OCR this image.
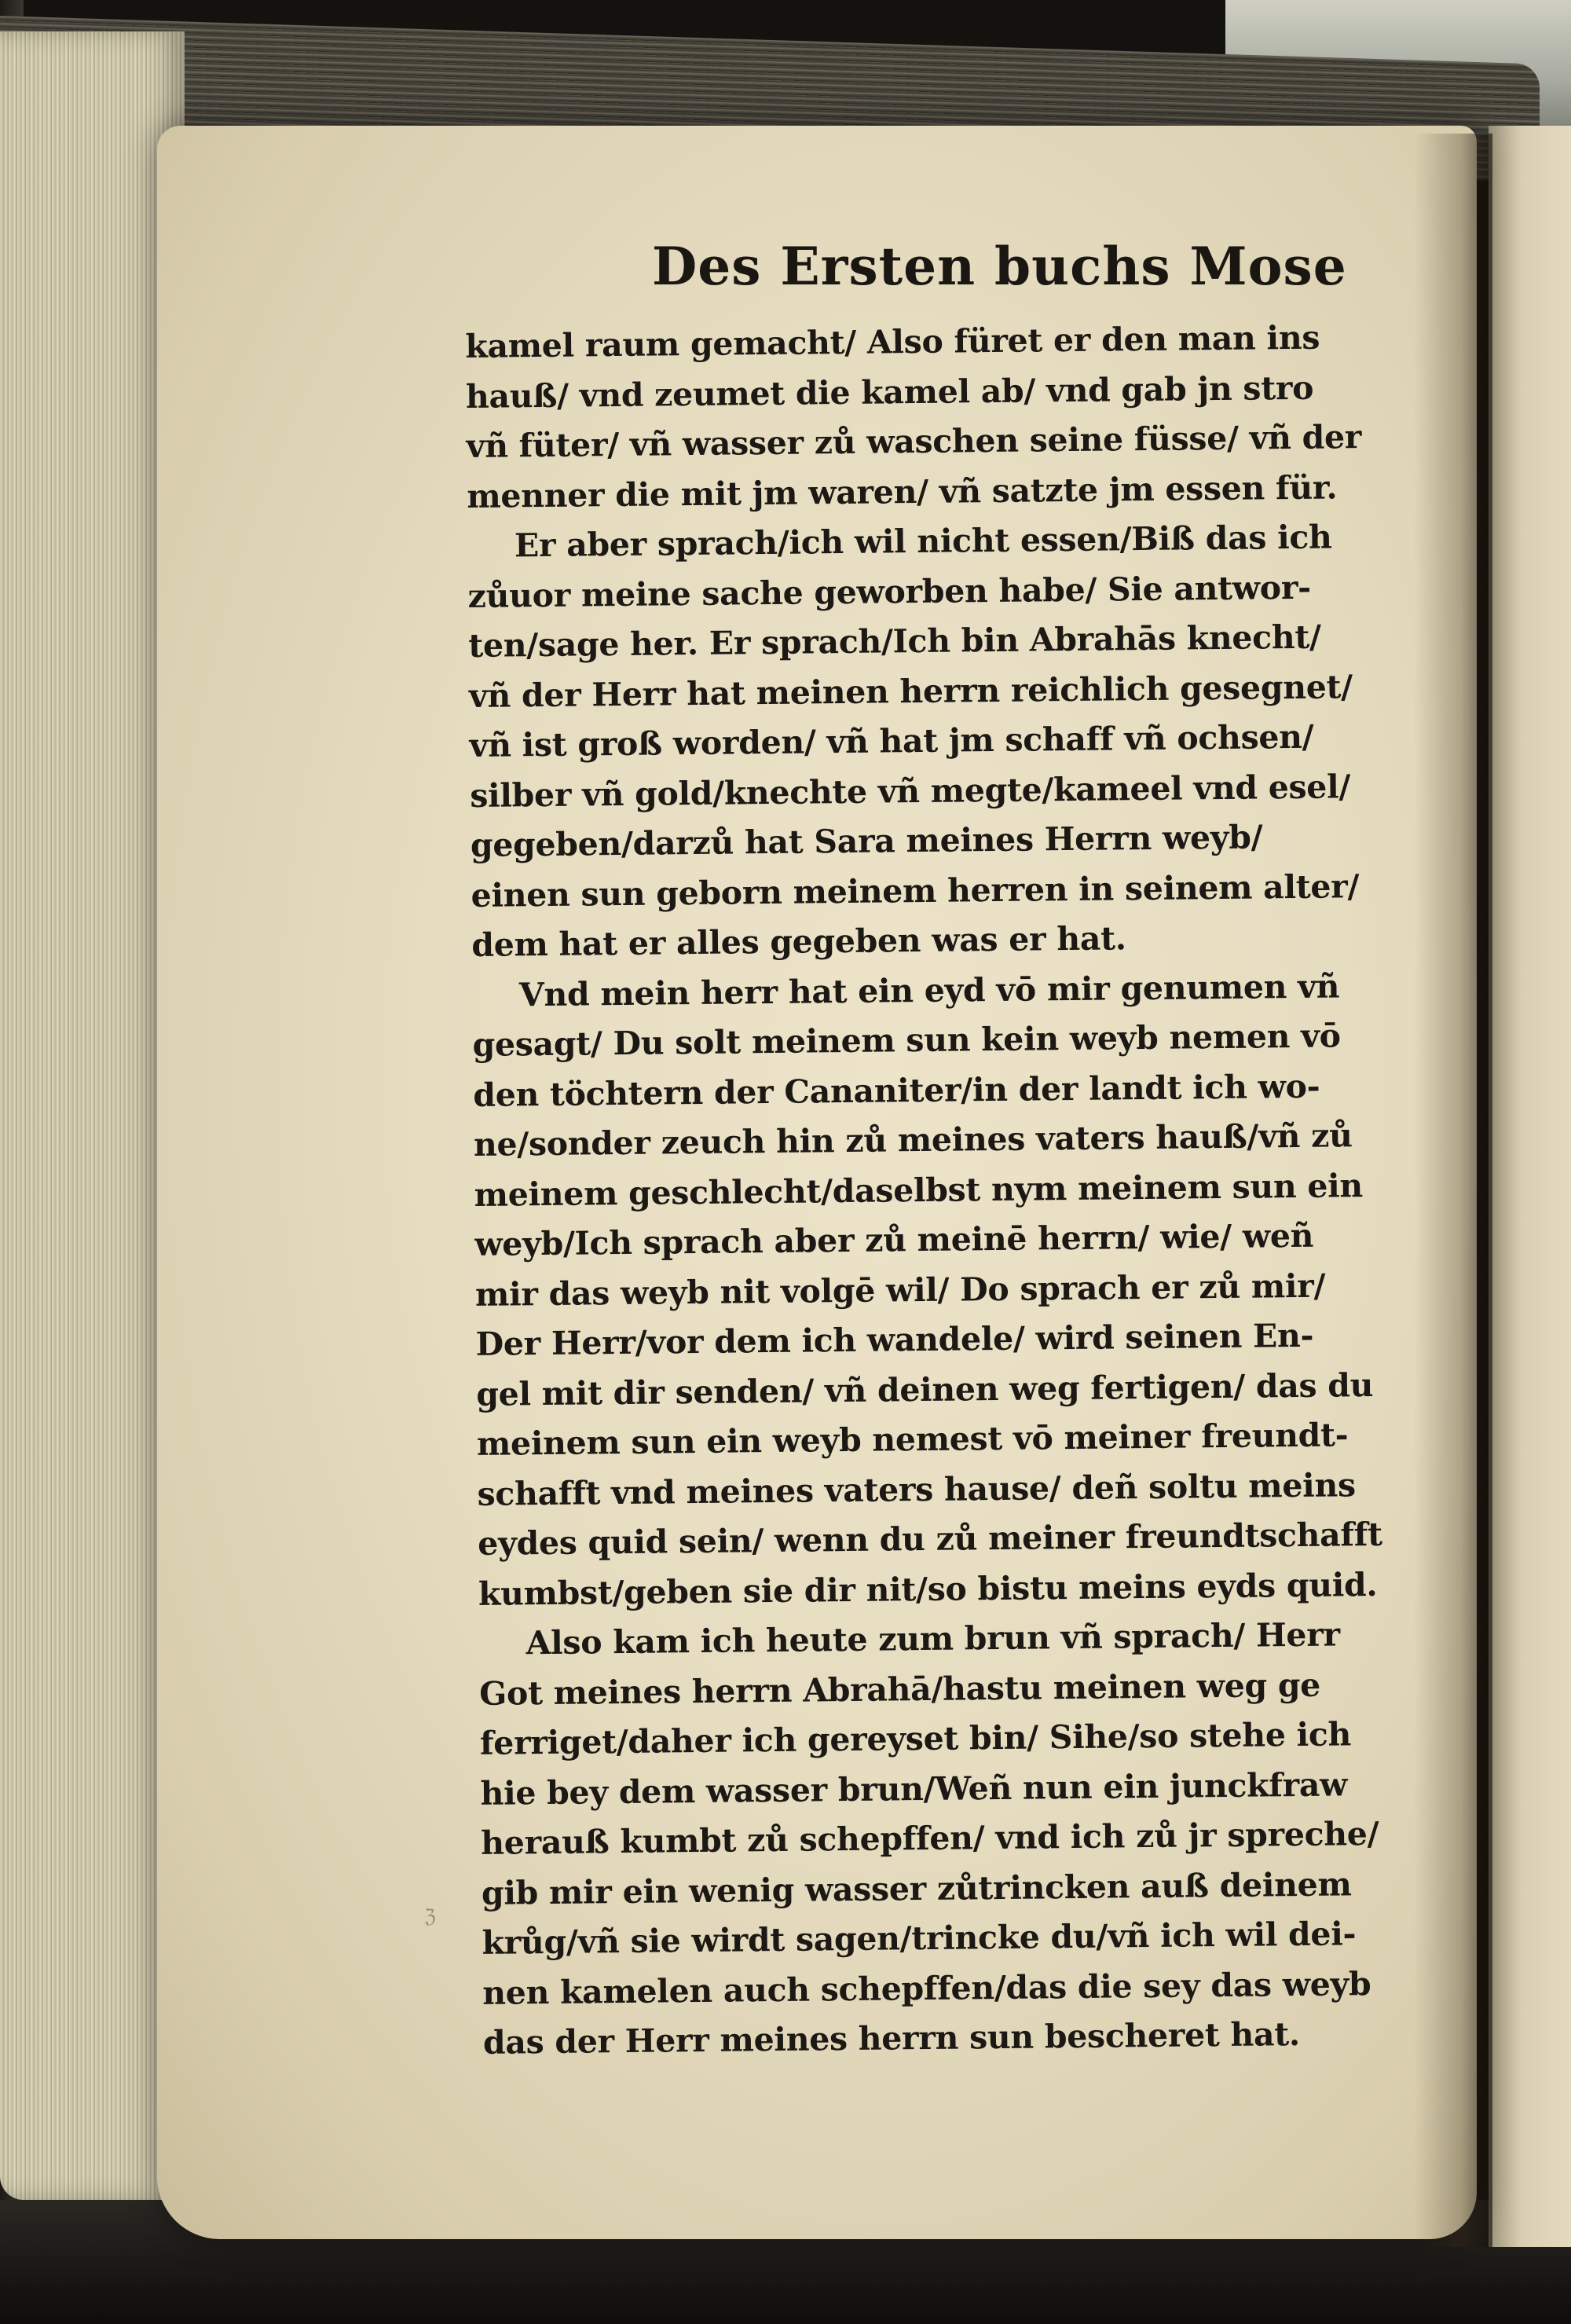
Des Ersten buchs Mose
kamel raum gemacht/ Also füret er den man ins
hauß/ vnd zeumet die kamel ab/ vnd gab jn stro
vñ füter/ vñ wasser zů waschen seine füsse/ vñ der
menner die mit jm waren/ vñ satzte jm essen für.
Er aber sprach/ich wil nicht essen/Biß das ich
zůuor meine sache geworben habe/ Sie antwor-
ten/sage her. Er sprach/Ich bin Abrahās knecht/
vñ der Herr hat meinen herrn reichlich gesegnet/
vñ ist groß worden/ vñ hat jm schaff vñ ochsen/
silber vñ gold/knechte vñ megte/kameel vnd esel/
gegeben/darzů hat Sara meines Herrn weyb/
einen sun geborn meinem herren in seinem alter/
dem hat er alles gegeben was er hat.
Vnd mein herr hat ein eyd vō mir genumen vñ
gesagt/ Du solt meinem sun kein weyb nemen vō
den töchtern der Cananiter/in der landt ich wo-
ne/sonder zeuch hin zů meines vaters hauß/vñ zů
meinem geschlecht/daselbst nym meinem sun ein
weyb/Ich sprach aber zů meinē herrn/ wie/ weñ
mir das weyb nit volgē wil/ Do sprach er zů mir/
Der Herr/vor dem ich wandele/ wird seinen En-
gel mit dir senden/ vñ deinen weg fertigen/ das du
meinem sun ein weyb nemest vō meiner freundt-
schafft vnd meines vaters hause/ deñ soltu meins
eydes quid sein/ wenn du zů meiner freundtschafft
kumbst/geben sie dir nit/so bistu meins eyds quid.
Also kam ich heute zum brun vñ sprach/ Herr
Got meines herrn Abrahā/hastu meinen weg ge
ferriget/daher ich gereyset bin/ Sihe/so stehe ich
hie bey dem wasser brun/Weñ nun ein junckfraw
herauß kumbt zů schepffen/ vnd ich zů jr spreche/
gib mir ein wenig wasser zůtrincken auß deinem
krůg/vñ sie wirdt sagen/trincke du/vñ ich wil dei-
nen kamelen auch schepffen/das die sey das weyb
das der Herr meines herrn sun bescheret hat.
ℨ
